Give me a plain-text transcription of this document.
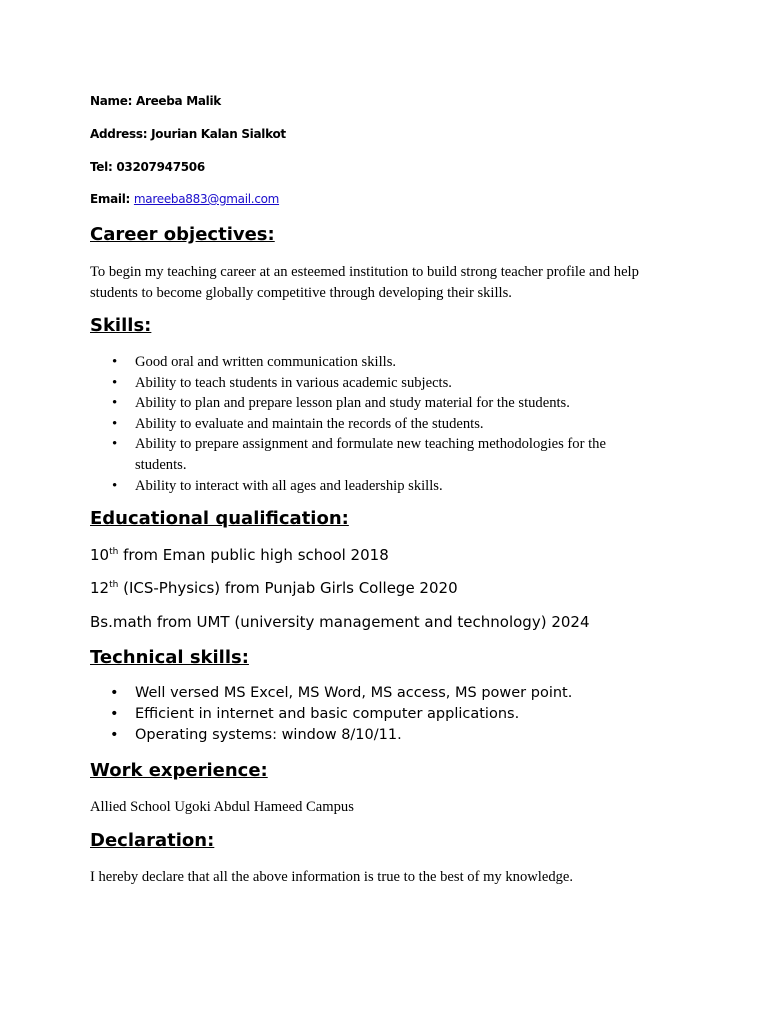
Name: Areeba Malik
Address: Jourian Kalan Sialkot
Tel: 03207947506
Email: mareeba883@gmail.com
Career objectives:
To begin my teaching career at an esteemed institution to build strong teacher profile and help students to become globally competitive through developing their skills.
Skills:
• Good oral and written communication skills.
• Ability to teach students in various academic subjects.
• Ability to plan and prepare lesson plan and study material for the students.
• Ability to evaluate and maintain the records of the students.
• Ability to prepare assignment and formulate new teaching methodologies for the students.
• Ability to interact with all ages and leadership skills.
Educational qualification:
10th from Eman public high school 2018
12th (ICS-Physics) from Punjab Girls College 2020
Bs.math from UMT (university management and technology) 2024
Technical skills:
• Well versed MS Excel, MS Word, MS access, MS power point.
• Efficient in internet and basic computer applications.
• Operating systems: window 8/10/11.
Work experience:
Allied School Ugoki Abdul Hameed Campus
Declaration:
I hereby declare that all the above information is true to the best of my knowledge.
